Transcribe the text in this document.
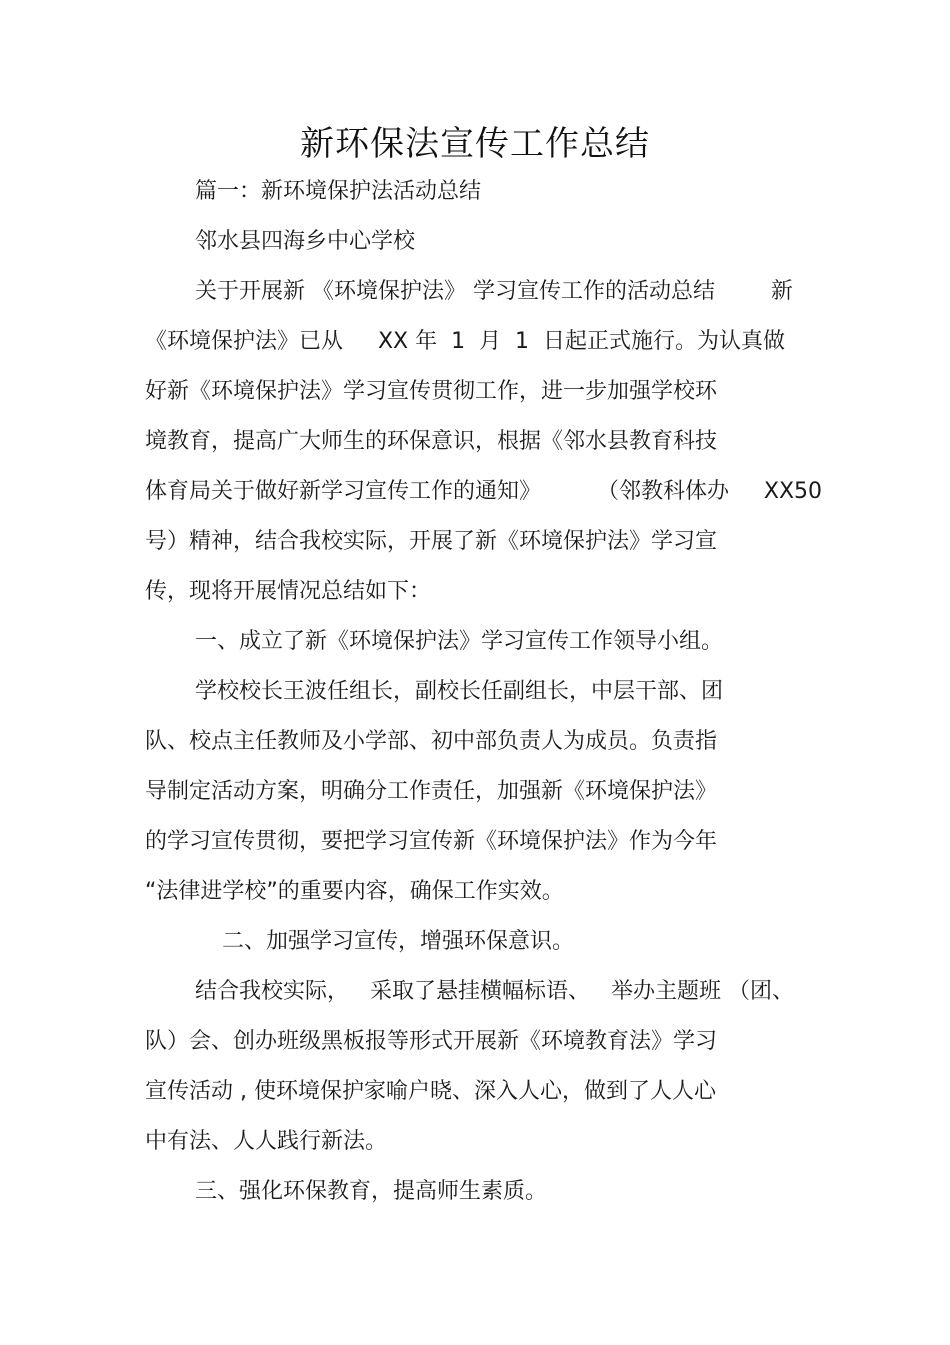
新环保法宣传工作总结
篇一：新环境保护法活动总结
邻水县四海乡中心学校
关于开展新 《环境保护法》 学习宣传工作的活动总结        新
《环境保护法》已从     XX 年  1  月  1  日起正式施行。为认真做
好新《环境保护法》学习宣传贯彻工作，进一步加强学校环
境教育，提高广大师生的环保意识，根据《邻水县教育科技
体育局关于做好新学习宣传工作的通知》        （邻教科体办     XX50
号）精神，结合我校实际，开展了新《环境保护法》学习宣
传，现将开展情况总结如下：
一、成立了新《环境保护法》学习宣传工作领导小组。
学校校长王波任组长，副校长任副组长，中层干部、团
队、校点主任教师及小学部、初中部负责人为成员。负责指
导制定活动方案，明确分工作责任，加强新《环境保护法》
的学习宣传贯彻，要把学习宣传新《环境保护法》作为今年
“法律进学校”的重要内容，确保工作实效。
二、加强学习宣传，增强环保意识。
结合我校实际，   采取了悬挂横幅标语、   举办主题班 （团、
队）会、创办班级黑板报等形式开展新《环境教育法》学习
宣传活动 , 使环境保护家喻户晓、深入人心，做到了人人心
中有法、人人践行新法。
三、强化环保教育，提高师生素质。
